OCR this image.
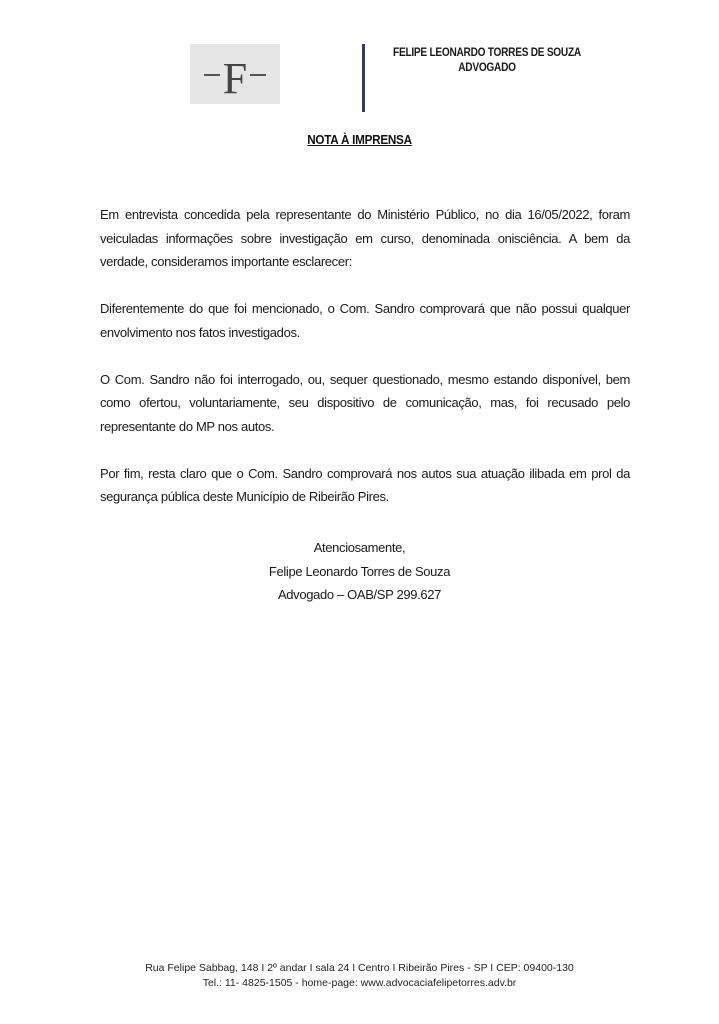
F
FELIPE LEONARDO TORRES DE SOUZA
ADVOGADO
NOTA À IMPRENSA

Em entrevista concedida pela representante do Ministério Público, no dia 16/05/2022, foram veiculadas informações sobre investigação em curso, denominada onisciência. A bem da verdade, consideramos importante esclarecer:

Diferentemente do que foi mencionado, o Com. Sandro comprovará que não possui qualquer envolvimento nos fatos investigados.

O Com. Sandro não foi interrogado, ou, sequer questionado, mesmo estando disponível, bem como ofertou, voluntariamente, seu dispositivo de comunicação, mas, foi recusado pelo representante do MP nos autos.

Por fim, resta claro que o Com. Sandro comprovará nos autos sua atuação ilibada em prol da segurança pública deste Município de Ribeirão Pires.

Atenciosamente,
Felipe Leonardo Torres de Souza
Advogado – OAB/SP 299.627
Rua Felipe Sabbag, 148 I 2º andar I sala 24 I Centro I Ribeirão Pires - SP I CEP: 09400-130
Tel.: 11- 4825-1505 - home-page: www.advocaciafelipetorres.adv.br
